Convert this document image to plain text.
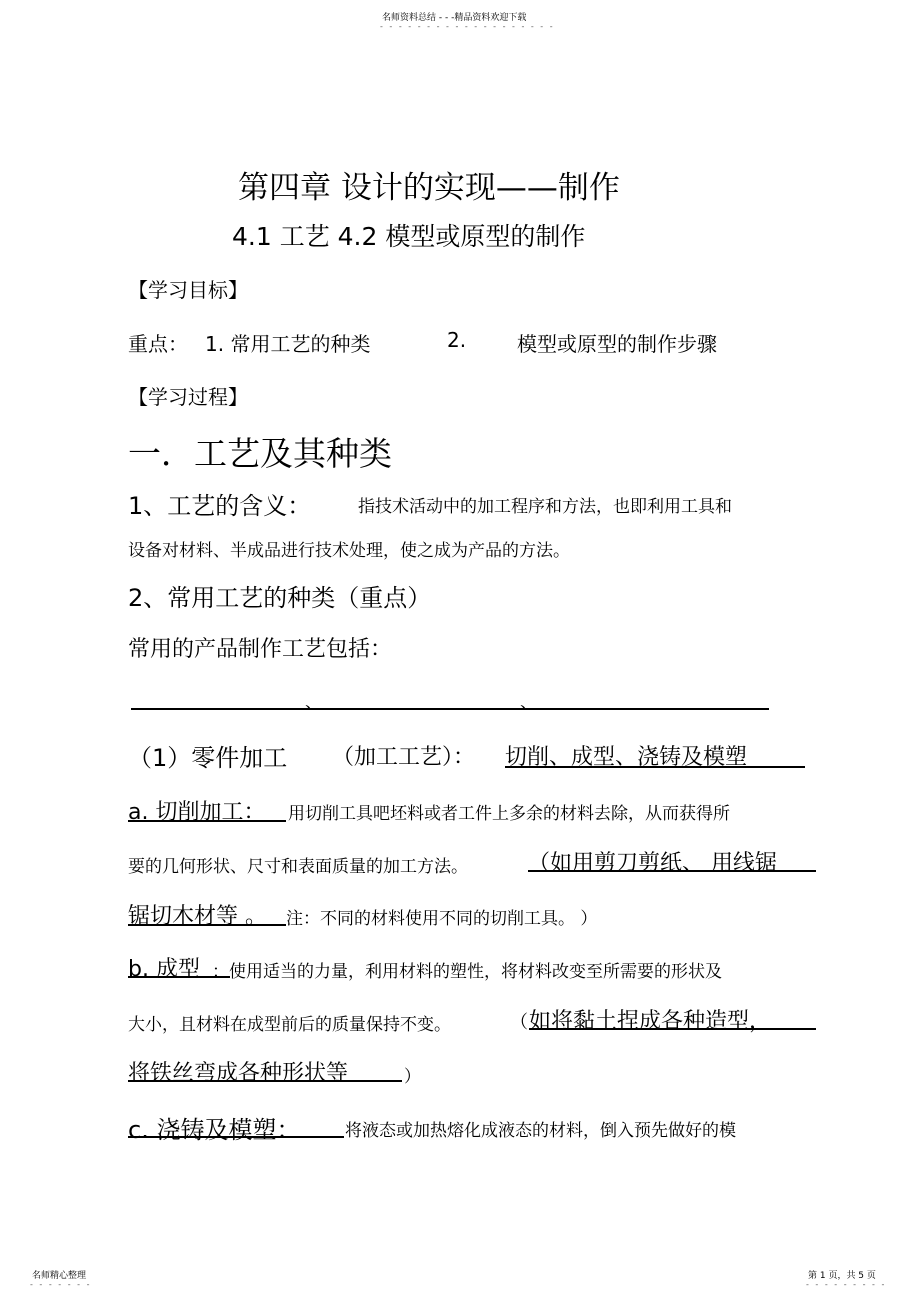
名师资料总结 - - -精品资料欢迎下载
- - - - - - - - - - - - - - - - - - -
第四章 设计的实现——制作
4.1 工艺 4.2 模型或原型的制作
【学习目标】
重点： 1. 常用工艺的种类	2.	模型或原型的制作步骤
【学习过程】
一．工艺及其种类
1、工艺的含义：	指技术活动中的加工程序和方法，也即利用工具和
设备对材料、半成品进行技术处理，使之成为产品的方法。
2、常用工艺的种类（重点）
常用的产品制作工艺包括：
、	、
（1）零件加工 （加工工艺）： 切削、成型、浇铸及模塑
a. 切削加工： 用切削工具吧坯料或者工件上多余的材料去除，从而获得所
要的几何形状、尺寸和表面质量的加工方法。	（如用剪刀剪纸、 用线锯
锯切木材等 。 注：不同的材料使用不同的切削工具。 ）
b. 成型 ：使用适当的力量，利用材料的塑性，将材料改变至所需要的形状及
大小，且材料在成型前后的质量保持不变。	（ 如将黏土捏成各种造型，
将铁丝弯成各种形状等	）
c. 浇铸及模塑：	将液态或加热熔化成液态的材料，倒入预先做好的模
名师精心整理
- - - - - - -
第 1 页，共 5 页
- - - - - - - - -
